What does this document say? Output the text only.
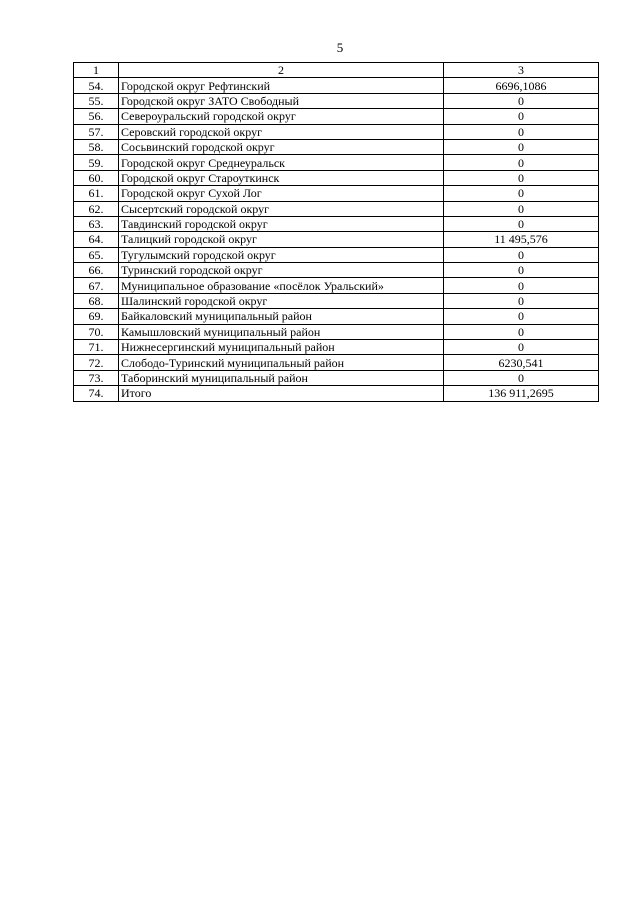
5
1	2	3
54.	Городской округ Рефтинский	6696,1086
55.	Городской округ ЗАТО Свободный	0
56.	Североуральский городской округ	0
57.	Серовский городской округ	0
58.	Сосьвинский городской округ	0
59.	Городской округ Среднеуральск	0
60.	Городской округ Староуткинск	0
61.	Городской округ Сухой Лог	0
62.	Сысертский городской округ	0
63.	Тавдинский городской округ	0
64.	Талицкий городской округ	11 495,576
65.	Тугулымский городской округ	0
66.	Туринский городской округ	0
67.	Муниципальное образование «посёлок Уральский»	0
68.	Шалинский городской округ	0
69.	Байкаловский муниципальный район	0
70.	Камышловский муниципальный район	0
71.	Нижнесергинский муниципальный район	0
72.	Слободо-Туринский муниципальный район	6230,541
73.	Таборинский муниципальный район	0
74.	Итого	136 911,2695
